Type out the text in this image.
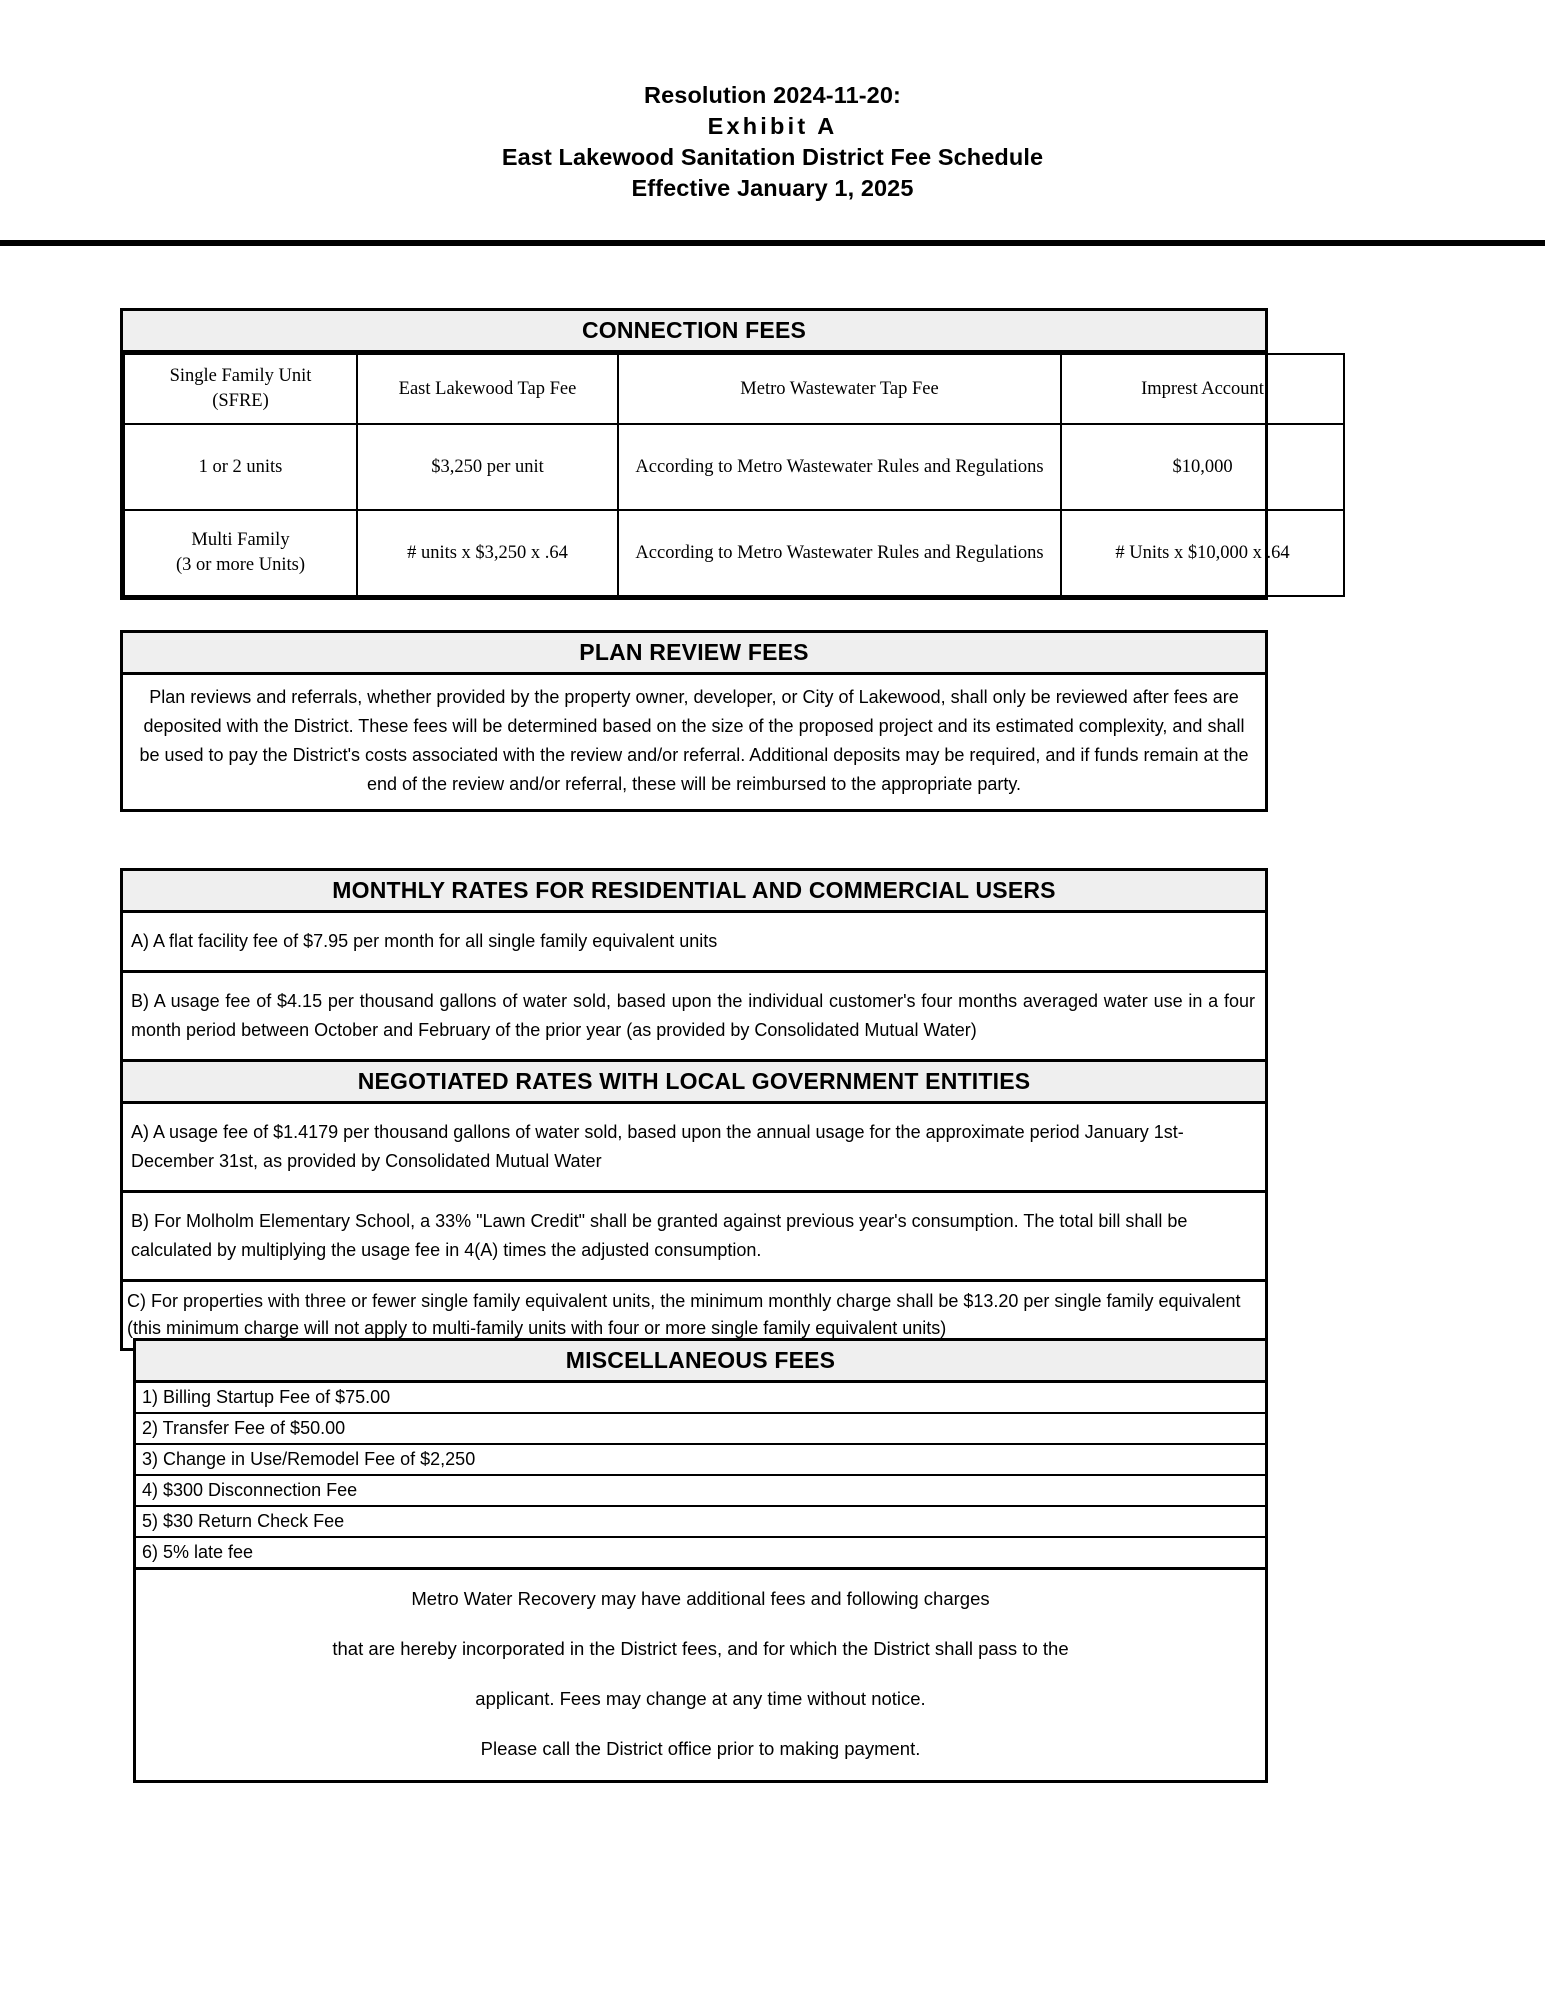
Resolution 2024-11-20:
Exhibit A
East Lakewood Sanitation District Fee Schedule
Effective January 1, 2025
CONNECTION FEES
Single Family Unit
(SFRE)	East Lakewood Tap Fee	Metro Wastewater Tap Fee	Imprest Account
1 or 2 units	$3,250 per unit	According to Metro Wastewater Rules and Regulations	$10,000
Multi Family
(3 or more Units)	# units x $3,250 x .64	According to Metro Wastewater Rules and Regulations	# Units x $10,000 x .64
PLAN REVIEW FEES
Plan reviews and referrals, whether provided by the property owner, developer, or City of Lakewood, shall only be reviewed after fees are deposited with the District. These fees will be determined based on the size of the proposed project and its estimated complexity, and shall be used to pay the District's costs associated with the review and/or referral. Additional deposits may be required, and if funds remain at the end of the review and/or referral, these will be reimbursed to the appropriate party.
MONTHLY RATES FOR RESIDENTIAL AND COMMERCIAL USERS
A) A flat facility fee of $7.95 per month for all single family equivalent units
B) A usage fee of $4.15 per thousand gallons of water sold, based upon the individual customer's four months averaged water use in a four month period between October and February of the prior year (as provided by Consolidated Mutual Water)
NEGOTIATED RATES WITH LOCAL GOVERNMENT ENTITIES
A) A usage fee of $1.4179 per thousand gallons of water sold, based upon the annual usage for the approximate period January 1st-December 31st, as provided by Consolidated Mutual Water
B) For Molholm Elementary School, a 33% "Lawn Credit" shall be granted against previous year's consumption. The total bill shall be calculated by multiplying the usage fee in 4(A) times the adjusted consumption.
C) For properties with three or fewer single family equivalent units, the minimum monthly charge shall be $13.20 per single family equivalent (this minimum charge will not apply to multi-family units with four or more single family equivalent units)
MISCELLANEOUS FEES
1) Billing Startup Fee of $75.00
2) Transfer Fee of $50.00
3) Change in Use/Remodel Fee of $2,250
4) $300 Disconnection Fee
5) $30 Return Check Fee
6) 5% late fee
Metro Water Recovery may have additional fees and following charges
that are hereby incorporated in the District fees, and for which the District shall pass to the
applicant. Fees may change at any time without notice.
Please call the District office prior to making payment.
